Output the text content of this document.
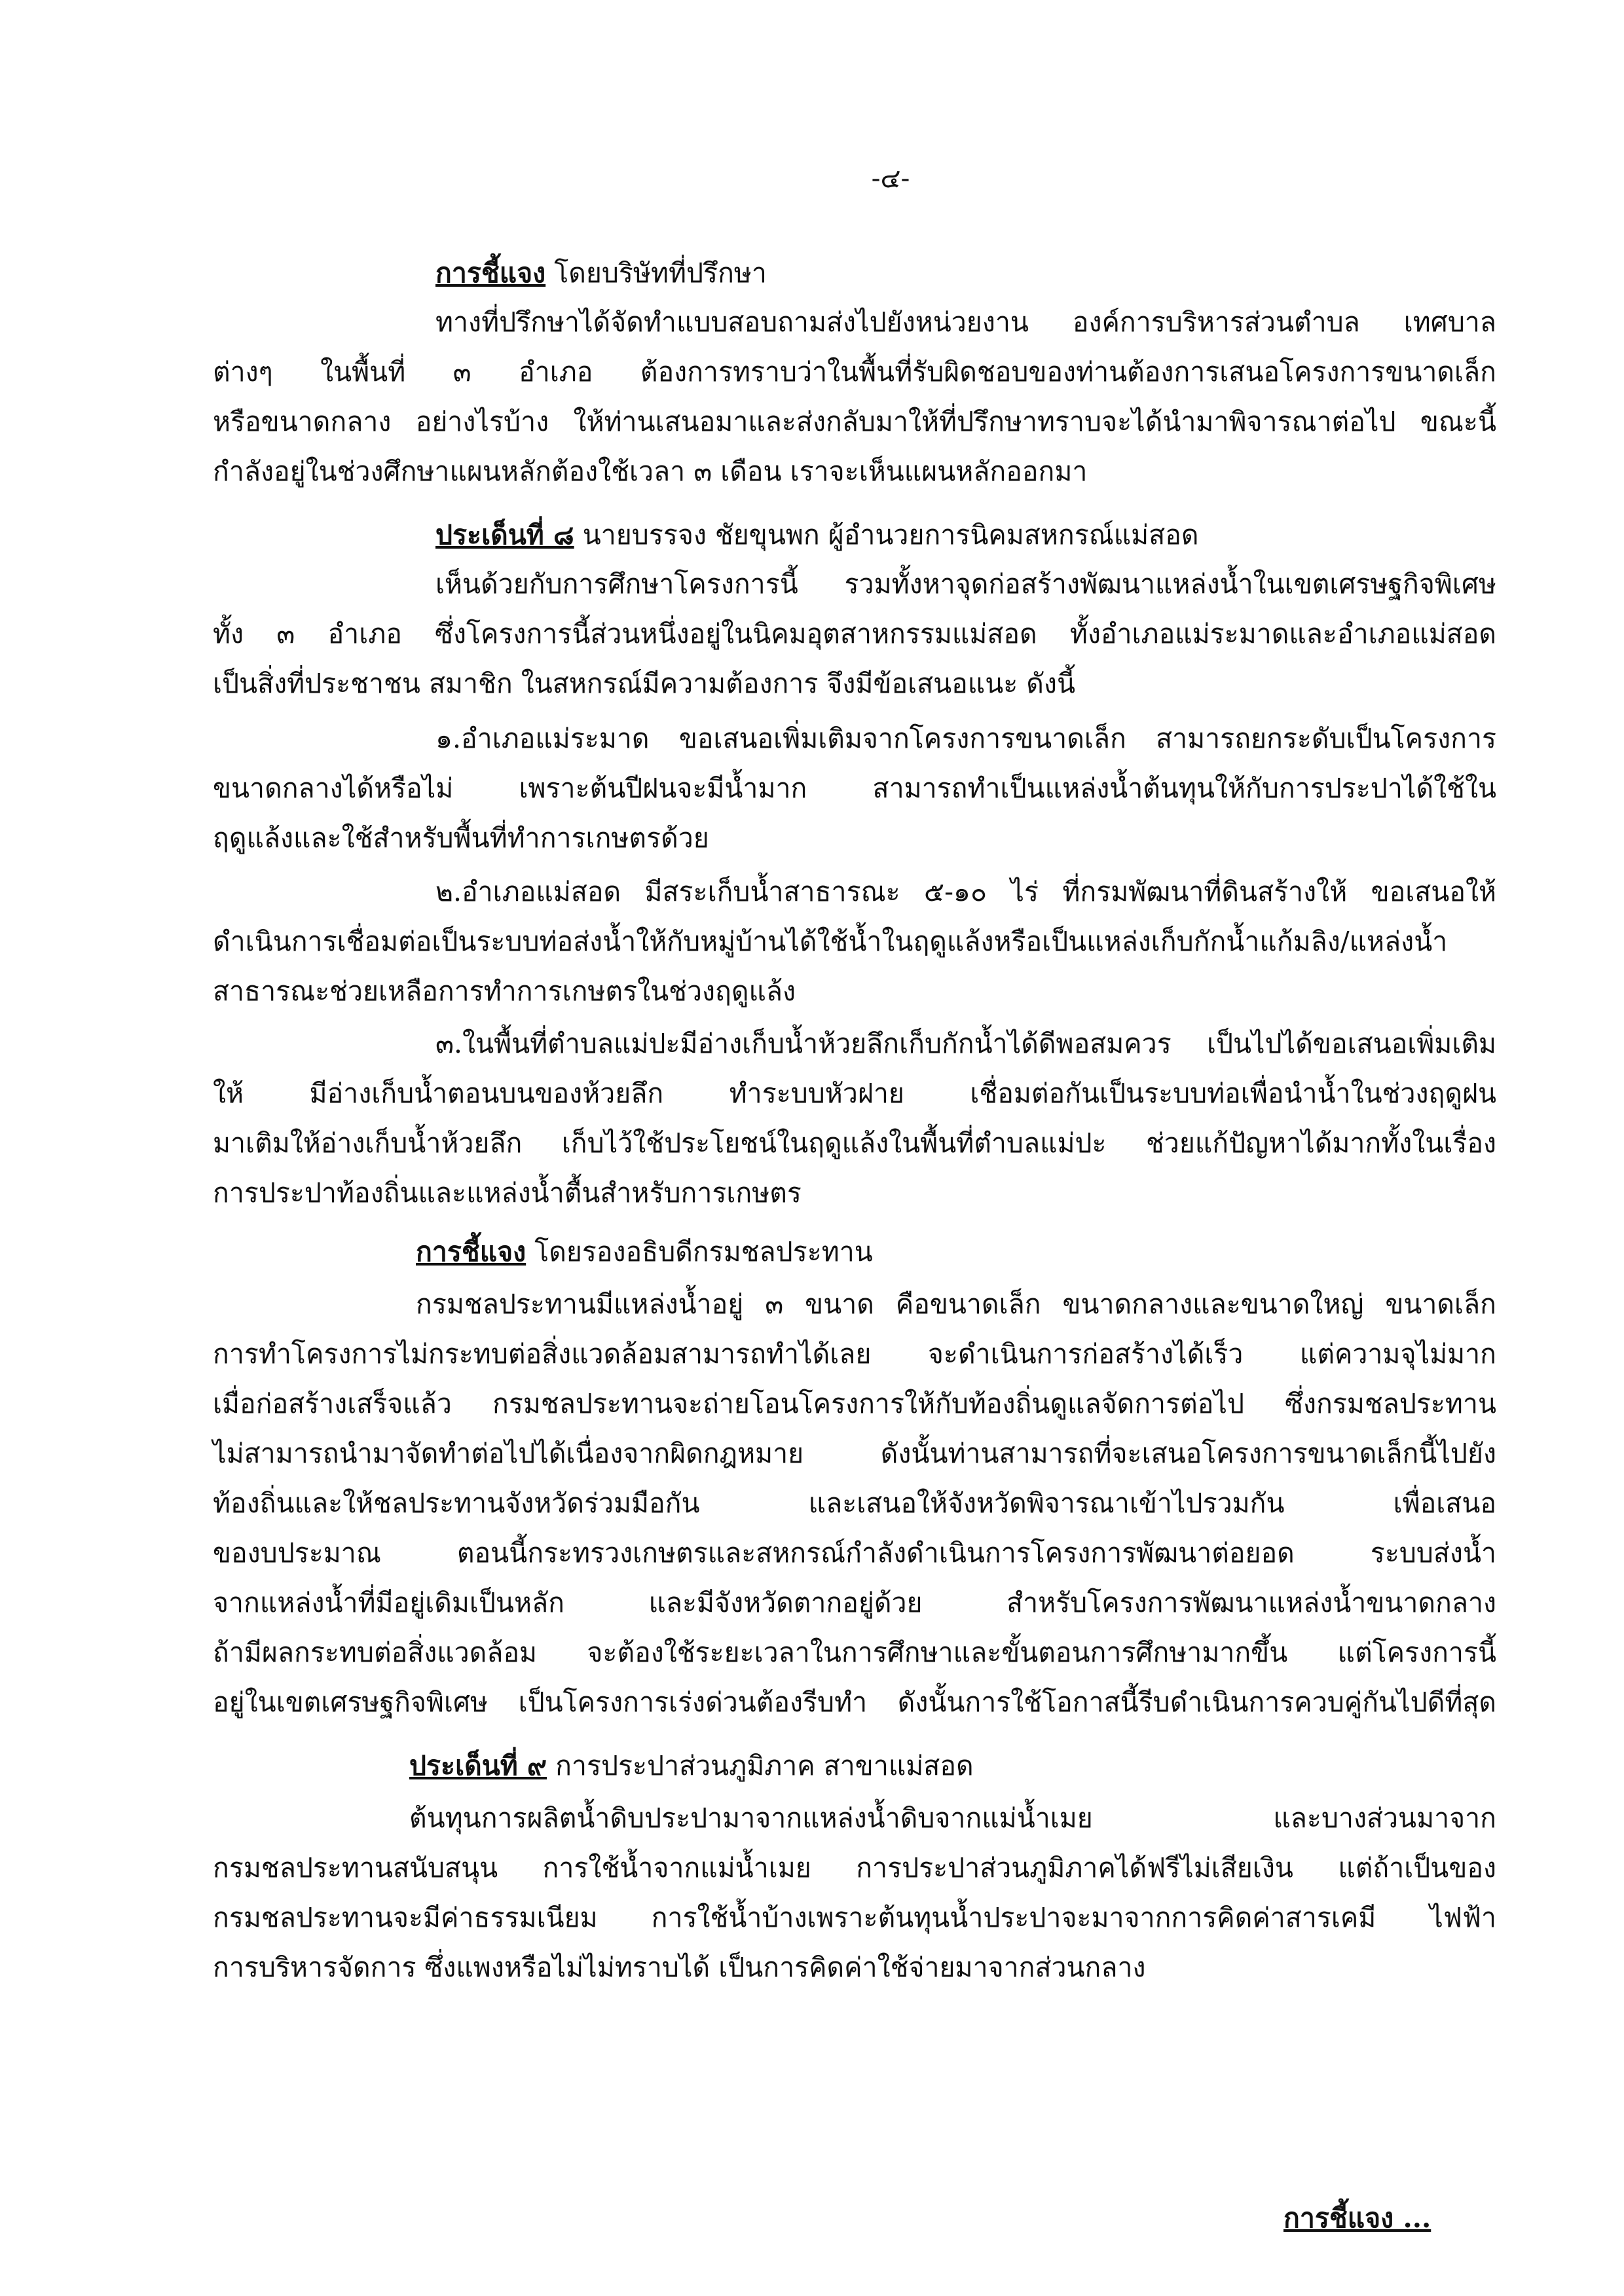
-๔-
การชี้แจง โดยบริษัทที่ปรึกษา
ทางที่ปรึกษาได้จัดทำแบบสอบถามส่งไปยังหน่วยงาน องค์การบริหารส่วนตำบล เทศบาล
ต่างๆ ในพื้นที่ ๓ อำเภอ ต้องการทราบว่าในพื้นที่รับผิดชอบของท่านต้องการเสนอโครงการขนาดเล็ก
หรือขนาดกลาง อย่างไรบ้าง ให้ท่านเสนอมาและส่งกลับมาให้ที่ปรึกษาทราบจะได้นำมาพิจารณาต่อไป ขณะนี้
กำลังอยู่ในช่วงศึกษาแผนหลักต้องใช้เวลา ๓ เดือน เราจะเห็นแผนหลักออกมา
ประเด็นที่ ๘ นายบรรจง ชัยขุนพก ผู้อำนวยการนิคมสหกรณ์แม่สอด
เห็นด้วยกับการศึกษาโครงการนี้ รวมทั้งหาจุดก่อสร้างพัฒนาแหล่งน้ำในเขตเศรษฐกิจพิเศษ
ทั้ง ๓ อำเภอ ซึ่งโครงการนี้ส่วนหนึ่งอยู่ในนิคมอุตสาหกรรมแม่สอด ทั้งอำเภอแม่ระมาดและอำเภอแม่สอด
เป็นสิ่งที่ประชาชน สมาชิก ในสหกรณ์มีความต้องการ จึงมีข้อเสนอแนะ ดังนี้
๑.อำเภอแม่ระมาด ขอเสนอเพิ่มเติมจากโครงการขนาดเล็ก สามารถยกระดับเป็นโครงการ
ขนาดกลางได้หรือไม่ เพราะต้นปีฝนจะมีน้ำมาก สามารถทำเป็นแหล่งน้ำต้นทุนให้กับการประปาได้ใช้ใน
ฤดูแล้งและใช้สำหรับพื้นที่ทำการเกษตรด้วย
๒.อำเภอแม่สอด มีสระเก็บน้ำสาธารณะ ๕-๑๐ ไร่ ที่กรมพัฒนาที่ดินสร้างให้ ขอเสนอให้
ดำเนินการเชื่อมต่อเป็นระบบท่อส่งน้ำให้กับหมู่บ้านได้ใช้น้ำในฤดูแล้งหรือเป็นแหล่งเก็บกักน้ำแก้มลิง/แหล่งน้ำ
สาธารณะช่วยเหลือการทำการเกษตรในช่วงฤดูแล้ง
๓.ในพื้นที่ตำบลแม่ปะมีอ่างเก็บน้ำห้วยลึกเก็บกักน้ำได้ดีพอสมควร เป็นไปได้ขอเสนอเพิ่มเติม
ให้ มีอ่างเก็บน้ำตอนบนของห้วยลึก ทำระบบหัวฝาย เชื่อมต่อกันเป็นระบบท่อเพื่อนำน้ำในช่วงฤดูฝน
มาเติมให้อ่างเก็บน้ำห้วยลึก เก็บไว้ใช้ประโยชน์ในฤดูแล้งในพื้นที่ตำบลแม่ปะ ช่วยแก้ปัญหาได้มากทั้งในเรื่อง
การประปาท้องถิ่นและแหล่งน้ำตื้นสำหรับการเกษตร
การชี้แจง โดยรองอธิบดีกรมชลประทาน
กรมชลประทานมีแหล่งน้ำอยู่ ๓ ขนาด คือขนาดเล็ก ขนาดกลางและขนาดใหญ่ ขนาดเล็ก
การทำโครงการไม่กระทบต่อสิ่งแวดล้อมสามารถทำได้เลย จะดำเนินการก่อสร้างได้เร็ว แต่ความจุไม่มาก
เมื่อก่อสร้างเสร็จแล้ว กรมชลประทานจะถ่ายโอนโครงการให้กับท้องถิ่นดูแลจัดการต่อไป ซึ่งกรมชลประทาน
ไม่สามารถนำมาจัดทำต่อไปได้เนื่องจากผิดกฎหมาย ดังนั้นท่านสามารถที่จะเสนอโครงการขนาดเล็กนี้ไปยัง
ท้องถิ่นและให้ชลประทานจังหวัดร่วมมือกัน และเสนอให้จังหวัดพิจารณาเข้าไปรวมกัน เพื่อเสนอ
ของบประมาณ ตอนนี้กระทรวงเกษตรและสหกรณ์กำลังดำเนินการโครงการพัฒนาต่อยอด ระบบส่งน้ำ
จากแหล่งน้ำที่มีอยู่เดิมเป็นหลัก และมีจังหวัดตากอยู่ด้วย สำหรับโครงการพัฒนาแหล่งน้ำขนาดกลาง
ถ้ามีผลกระทบต่อสิ่งแวดล้อม จะต้องใช้ระยะเวลาในการศึกษาและขั้นตอนการศึกษามากขึ้น แต่โครงการนี้
อยู่ในเขตเศรษฐกิจพิเศษ เป็นโครงการเร่งด่วนต้องรีบทำ ดังนั้นการใช้โอกาสนี้รีบดำเนินการควบคู่กันไปดีที่สุด
ประเด็นที่ ๙ การประปาส่วนภูมิภาค สาขาแม่สอด
ต้นทุนการผลิตน้ำดิบประปามาจากแหล่งน้ำดิบจากแม่น้ำเมย และบางส่วนมาจาก
กรมชลประทานสนับสนุน การใช้น้ำจากแม่น้ำเมย การประปาส่วนภูมิภาคได้ฟรีไม่เสียเงิน แต่ถ้าเป็นของ
กรมชลประทานจะมีค่าธรรมเนียม การใช้น้ำบ้างเพราะต้นทุนน้ำประปาจะมาจากการคิดค่าสารเคมี ไฟฟ้า
การบริหารจัดการ ซึ่งแพงหรือไม่ไม่ทราบได้ เป็นการคิดค่าใช้จ่ายมาจากส่วนกลาง
การชี้แจง ...
